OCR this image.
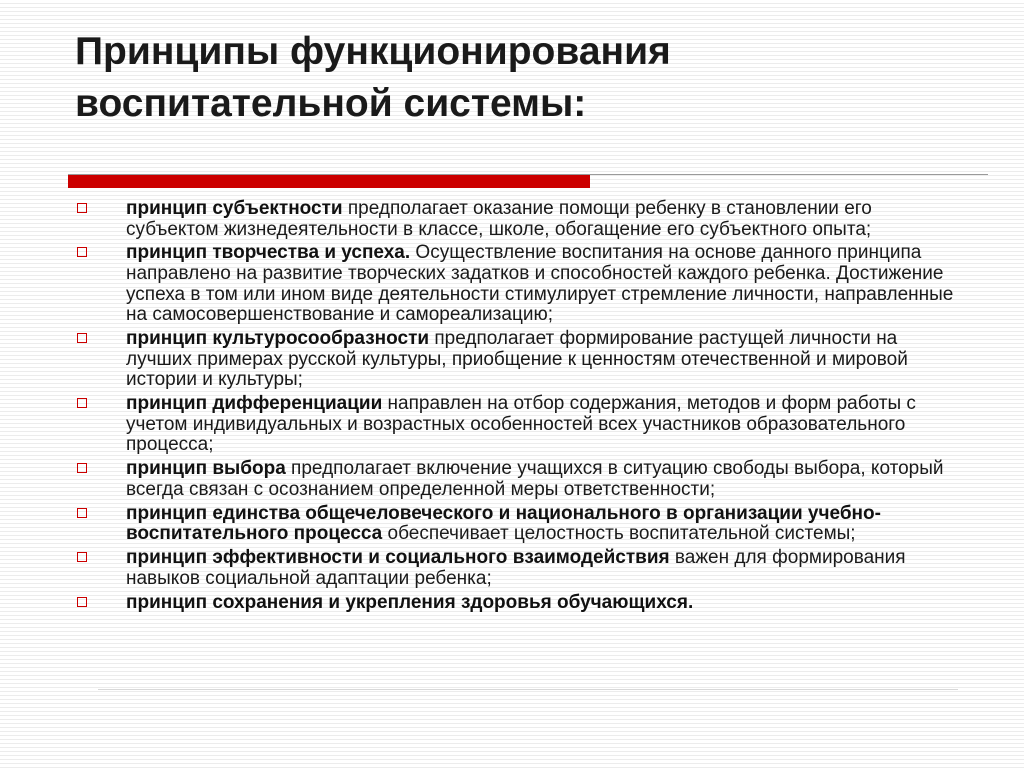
Принципы функционирования
воспитательной системы:
принцип субъектности предполагает оказание помощи ребенку в становлении его субъектом жизнедеятельности в классе, школе, обогащение его субъектного опыта;
принцип творчества и успеха. Осуществление воспитания на основе данного принципа направлено на развитие творческих задатков и способностей каждого ребенка. Достижение успеха в том или ином виде деятельности стимулирует стремление личности, направленные на самосовершенствование и самореализацию;
принцип культуросообразности предполагает формирование растущей личности на лучших примерах русской культуры, приобщение к ценностям отечественной и мировой истории и культуры;
принцип дифференциации направлен на отбор содержания, методов и форм работы с учетом индивидуальных и возрастных особенностей всех участников образовательного процесса;
принцип выбора предполагает включение учащихся в ситуацию свободы выбора, который всегда связан с осознанием определенной меры ответственности;
принцип единства общечеловеческого и национального в организации учебно-воспитательного процесса обеспечивает целостность воспитательной системы;
принцип эффективности и социального взаимодействия важен для формирования навыков социальной адаптации ребенка;
принцип сохранения и укрепления здоровья обучающихся.
